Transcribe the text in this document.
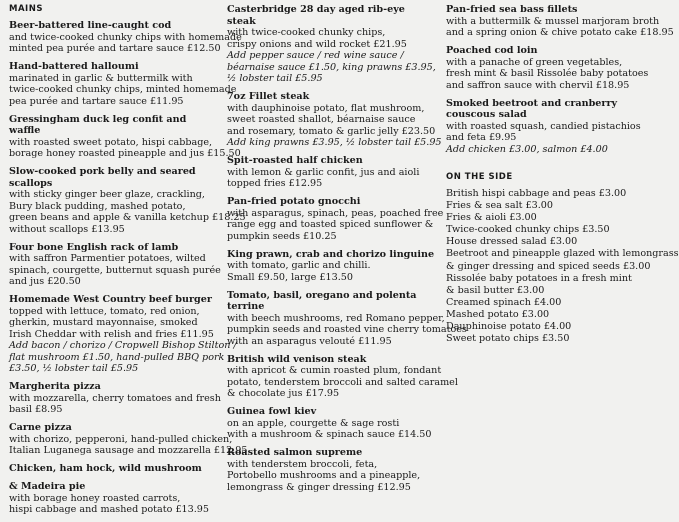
MAINS
Beer-battered line-caught cod
and twice-cooked chunky chips with homemade
minted pea purée and tartare sauce £12.50
Hand-battered halloumi
marinated in garlic & buttermilk with
twice-cooked chunky chips, minted homemade
pea purée and tartare sauce £11.95
Gressingham duck leg confit and waffle
with roasted sweet potato, hispi cabbage,
borage honey roasted pineapple and jus £15.50
Slow-cooked pork belly and seared scallops
with sticky ginger beer glaze, crackling,
Bury black pudding, mashed potato,
green beans and apple & vanilla ketchup £18.25
without scallops £13.95
Four bone English rack of lamb
with saffron Parmentier potatoes, wilted
spinach, courgette, butternut squash purée
and jus £20.50
Homemade West Country beef burger
topped with lettuce, tomato, red onion,
gherkin, mustard mayonnaise, smoked
Irish Cheddar with relish and fries £11.95
Add bacon / chorizo / Cropwell Bishop Stilton /
flat mushroom £1.50, hand-pulled BBQ pork
£3.50, ½ lobster tail £5.95
Margherita pizza
with mozzarella, cherry tomatoes and fresh
basil £8.95
Carne pizza
with chorizo, pepperoni, hand-pulled chicken,
Italian Luganega sausage and mozzarella £12.95
Chicken, ham hock, wild mushroom
& Madeira pie
with borage honey roasted carrots,
hispi cabbage and mashed potato £13.95
Casterbridge 28 day aged rib-eye steak
with twice-cooked chunky chips,
crispy onions and wild rocket £21.95
Add pepper sauce / red wine sauce /
béarnaise sauce £1.50, king prawns £3.95,
½ lobster tail £5.95
7oz Fillet steak
with dauphinoise potato, flat mushroom,
sweet roasted shallot, béarnaise sauce
and rosemary, tomato & garlic jelly £23.50
Add king prawns £3.95, ½ lobster tail £5.95
Spit-roasted half chicken
with lemon & garlic confit, jus and aioli
topped fries £12.95
Pan-fried potato gnocchi
with asparagus, spinach, peas, poached free
range egg and toasted spiced sunflower &
pumpkin seeds £10.25
King prawn, crab and chorizo linguine
with tomato, garlic and chilli.
Small £9.50, large £13.50
Tomato, basil, oregano and polenta terrine
with beech mushrooms, red Romano pepper,
pumpkin seeds and roasted vine cherry tomatoes
with an asparagus velouté £11.95
British wild venison steak
with apricot & cumin roasted plum, fondant
potato, tenderstem broccoli and salted caramel
& chocolate jus £17.95
Guinea fowl kiev
on an apple, courgette & sage rosti
with a mushroom & spinach sauce £14.50
Roasted salmon supreme
with tenderstem broccoli, feta,
Portobello mushrooms and a pineapple,
lemongrass & ginger dressing £12.95
Pan-fried sea bass fillets
with a buttermilk & mussel marjoram broth
and a spring onion & chive potato cake £18.95
Poached cod loin
with a panache of green vegetables,
fresh mint & basil Rissolée baby potatoes
and saffron sauce with chervil £18.95
Smoked beetroot and cranberry couscous salad
with roasted squash, candied pistachios
and feta £9.95
Add chicken £3.00, salmon £4.00
ON THE SIDE
British hispi cabbage and peas £3.00
Fries & sea salt £3.00
Fries & aioli £3.00
Twice-cooked chunky chips £3.50
House dressed salad £3.00
Beetroot and pineapple glazed with lemongrass
& ginger dressing and spiced seeds £3.00
Rissolée baby potatoes in a fresh mint
& basil butter £3.00
Creamed spinach £4.00
Mashed potato £3.00
Dauphinoise potato £4.00
Sweet potato chips £3.50
